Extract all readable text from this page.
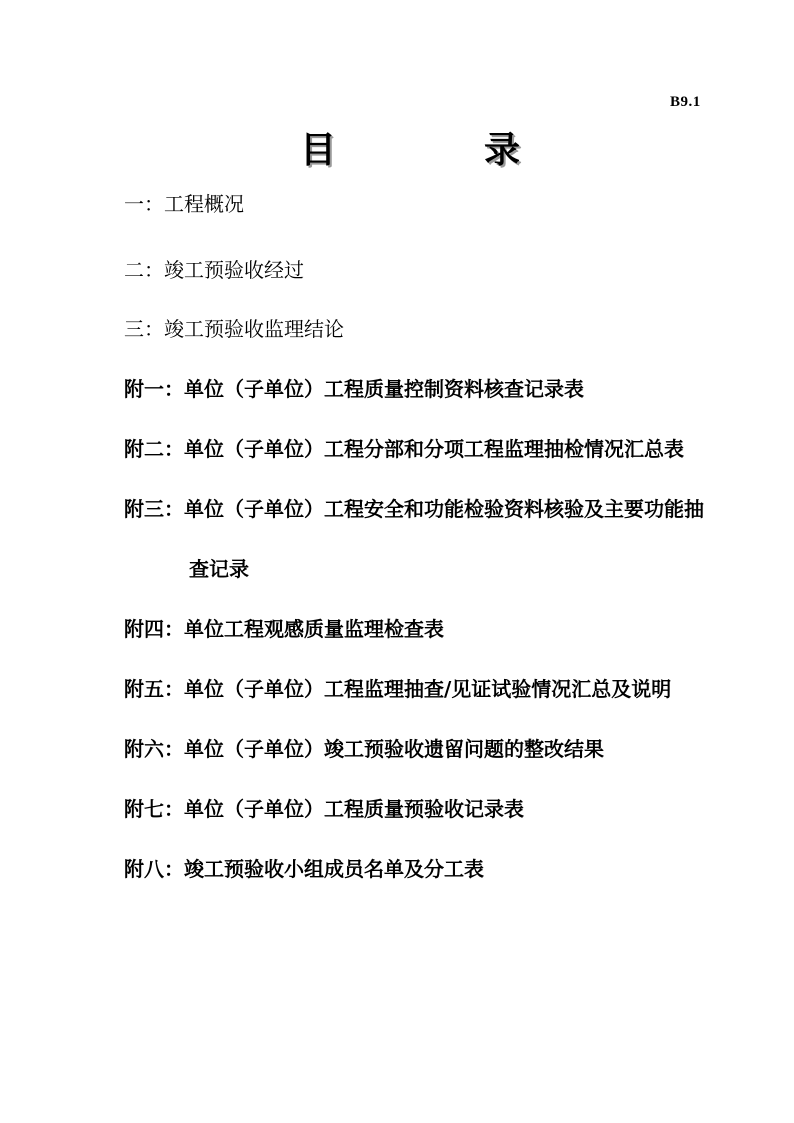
B9.1
目	录
一：工程概况
二：竣工预验收经过
三：竣工预验收监理结论
附一：单位（子单位）工程质量控制资料核查记录表
附二：单位（子单位）工程分部和分项工程监理抽检情况汇总表
附三：单位（子单位）工程安全和功能检验资料核验及主要功能抽
查记录
附四：单位工程观感质量监理检查表
附五：单位（子单位）工程监理抽查/见证试验情况汇总及说明
附六：单位（子单位）竣工预验收遗留问题的整改结果
附七：单位（子单位）工程质量预验收记录表
附八：竣工预验收小组成员名单及分工表
